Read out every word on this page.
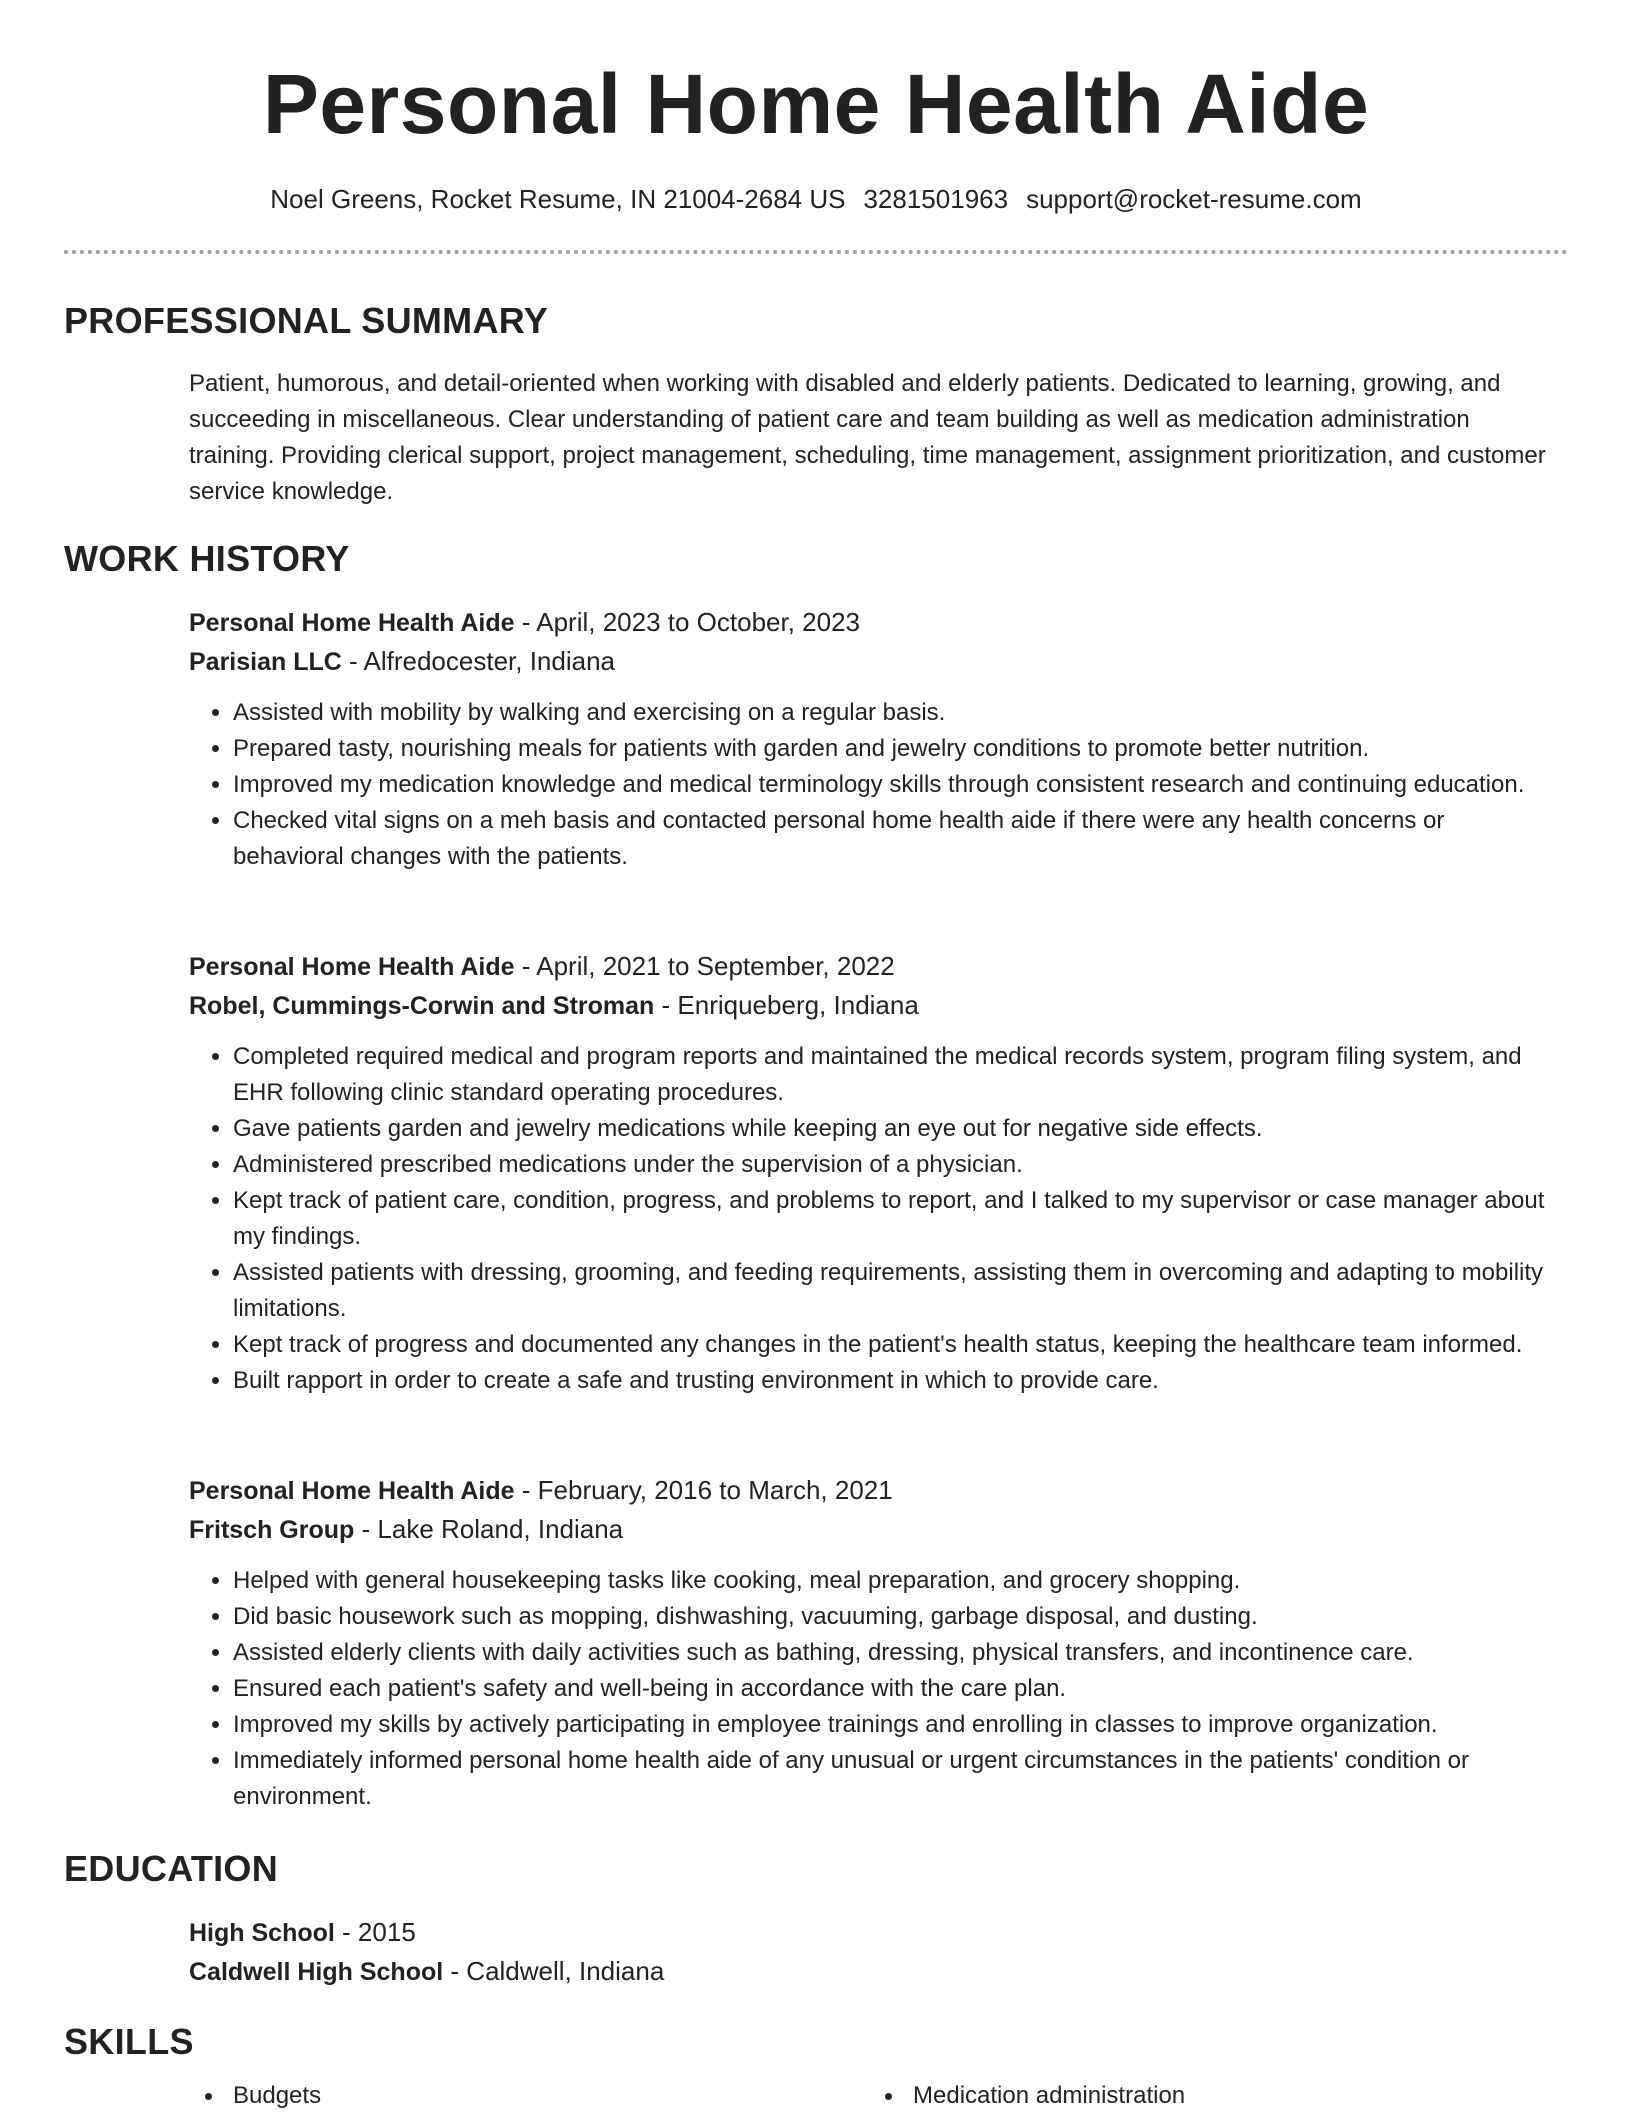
Personal Home Health Aide
Noel Greens, Rocket Resume, IN 21004-2684 US 3281501963 support@rocket-resume.com
PROFESSIONAL SUMMARY
Patient, humorous, and detail-oriented when working with disabled and elderly patients. Dedicated to learning, growing, and succeeding in miscellaneous. Clear understanding of patient care and team building as well as medication administration training. Providing clerical support, project management, scheduling, time management, assignment prioritization, and customer service knowledge.
WORK HISTORY
Personal Home Health Aide - April, 2023 to October, 2023
Parisian LLC - Alfredocester, Indiana
• Assisted with mobility by walking and exercising on a regular basis.
• Prepared tasty, nourishing meals for patients with garden and jewelry conditions to promote better nutrition.
• Improved my medication knowledge and medical terminology skills through consistent research and continuing education.
• Checked vital signs on a meh basis and contacted personal home health aide if there were any health concerns or behavioral changes with the patients.
Personal Home Health Aide - April, 2021 to September, 2022
Robel, Cummings-Corwin and Stroman - Enriqueberg, Indiana
• Completed required medical and program reports and maintained the medical records system, program filing system, and EHR following clinic standard operating procedures.
• Gave patients garden and jewelry medications while keeping an eye out for negative side effects.
• Administered prescribed medications under the supervision of a physician.
• Kept track of patient care, condition, progress, and problems to report, and I talked to my supervisor or case manager about my findings.
• Assisted patients with dressing, grooming, and feeding requirements, assisting them in overcoming and adapting to mobility limitations.
• Kept track of progress and documented any changes in the patient's health status, keeping the healthcare team informed.
• Built rapport in order to create a safe and trusting environment in which to provide care.
Personal Home Health Aide - February, 2016 to March, 2021
Fritsch Group - Lake Roland, Indiana
• Helped with general housekeeping tasks like cooking, meal preparation, and grocery shopping.
• Did basic housework such as mopping, dishwashing, vacuuming, garbage disposal, and dusting.
• Assisted elderly clients with daily activities such as bathing, dressing, physical transfers, and incontinence care.
• Ensured each patient's safety and well-being in accordance with the care plan.
• Improved my skills by actively participating in employee trainings and enrolling in classes to improve organization.
• Immediately informed personal home health aide of any unusual or urgent circumstances in the patients' condition or environment.
EDUCATION
High School - 2015
Caldwell High School - Caldwell, Indiana
SKILLS
Budgets	Medication administration
